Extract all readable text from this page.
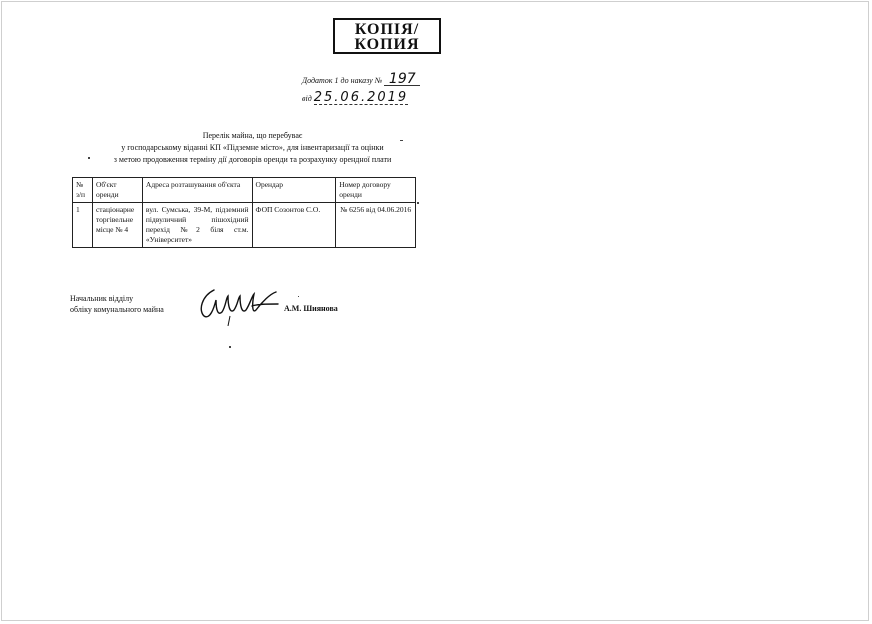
КОПІЯ/
КОПИЯ
Додаток 1 до наказу № 197
від 25.06.2019
Перелік майна, що перебуває
у господарському віданні КП «Підземне місто», для інвентаризації та оцінки
з метою продовження терміну дії договорів оренди та розрахунку орендної плати
№ з/п	Об'єкт оренди	Адреса розташування об'єкта	Орендар	Номер договору оренди
1	стаціонарне торгівельне місце № 4	вул. Сумська, 39-М, підземний підвуличний пішохідний перехід №2 біля ст.м. «Університет»	ФОП Созонтов С.О.	№ 6256 від 04.06.2016
Начальник відділу
обліку комунального майна	А.М. Шиянова
